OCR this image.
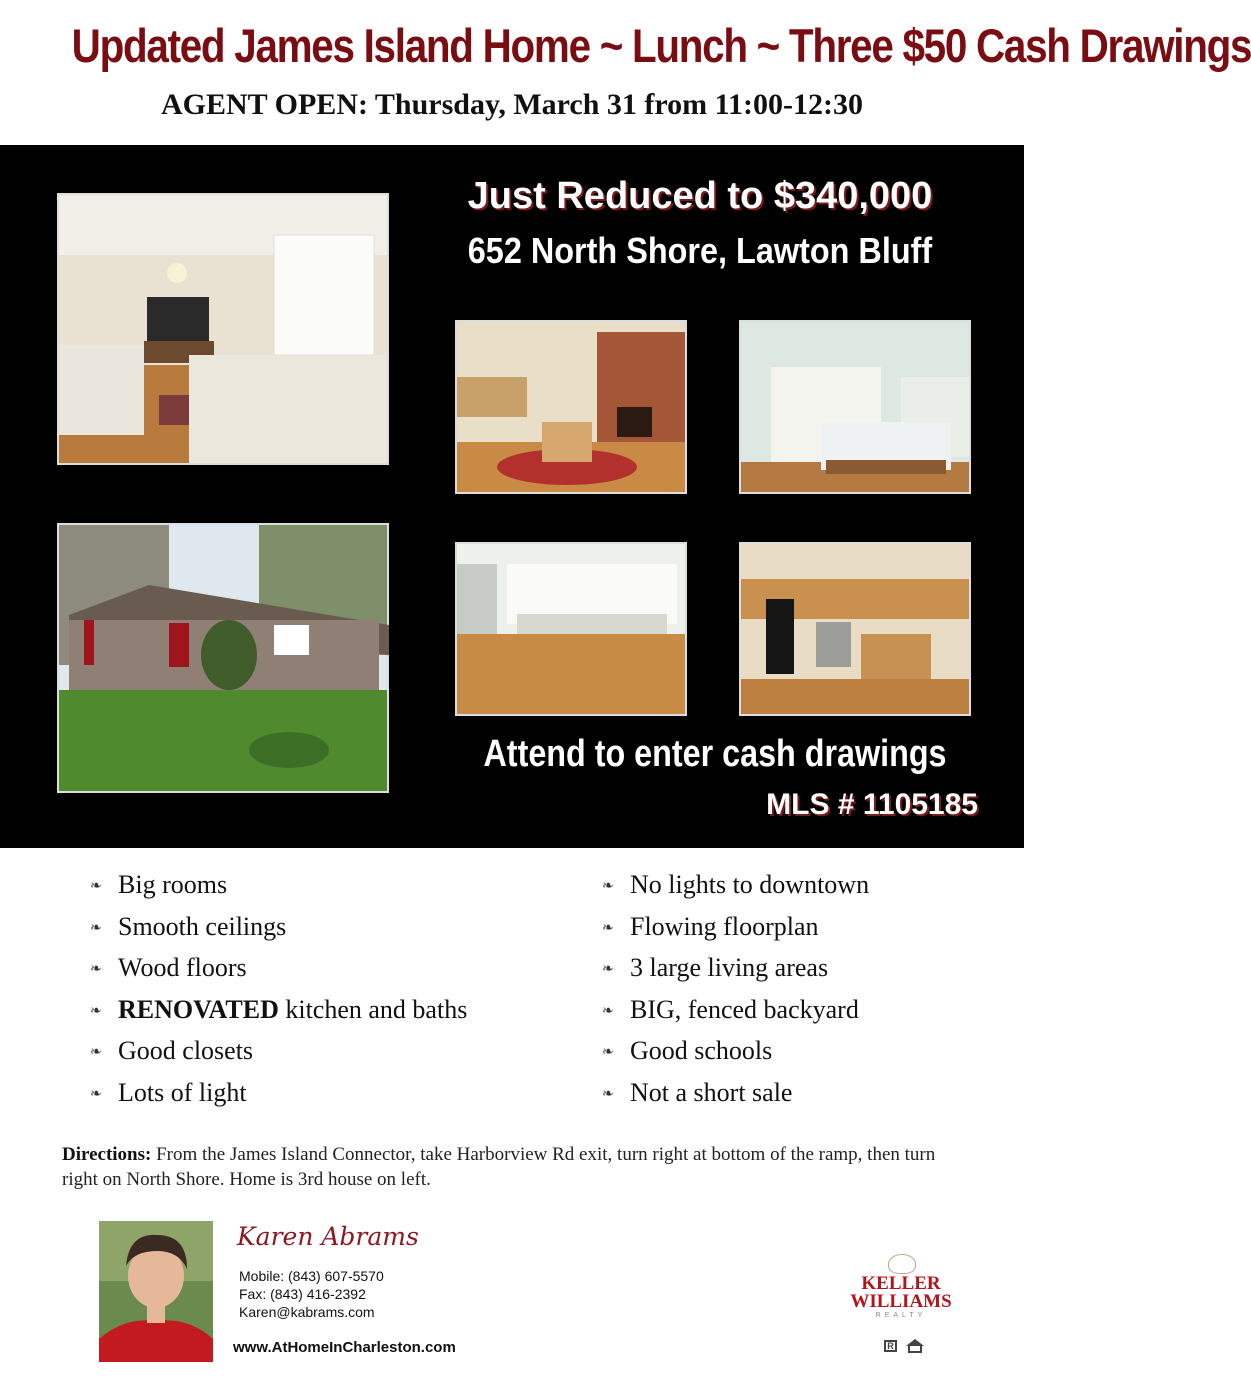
Updated James Island Home ~ Lunch ~ Three $50 Cash Drawings
AGENT OPEN: Thursday, March 31 from 11:00-12:30
Just Reduced to $340,000
652 North Shore, Lawton Bluff
Attend to enter cash drawings
MLS # 1105185
❧ Big rooms
❧ Smooth ceilings
❧ Wood floors
❧ RENOVATED kitchen and baths
❧ Good closets
❧ Lots of light
❧ No lights to downtown
❧ Flowing floorplan
❧ 3 large living areas
❧ BIG, fenced backyard
❧ Good schools
❧ Not a short sale
Directions: From the James Island Connector, take Harborview Rd exit, turn right at bottom of the ramp, then turn right on North Shore. Home is 3rd house on left.
Karen Abrams
Mobile: (843) 607-5570
Fax: (843) 416-2392
Karen@kabrams.com
www.AtHomeInCharleston.com
KELLER
WILLIAMS
REALTY
R
